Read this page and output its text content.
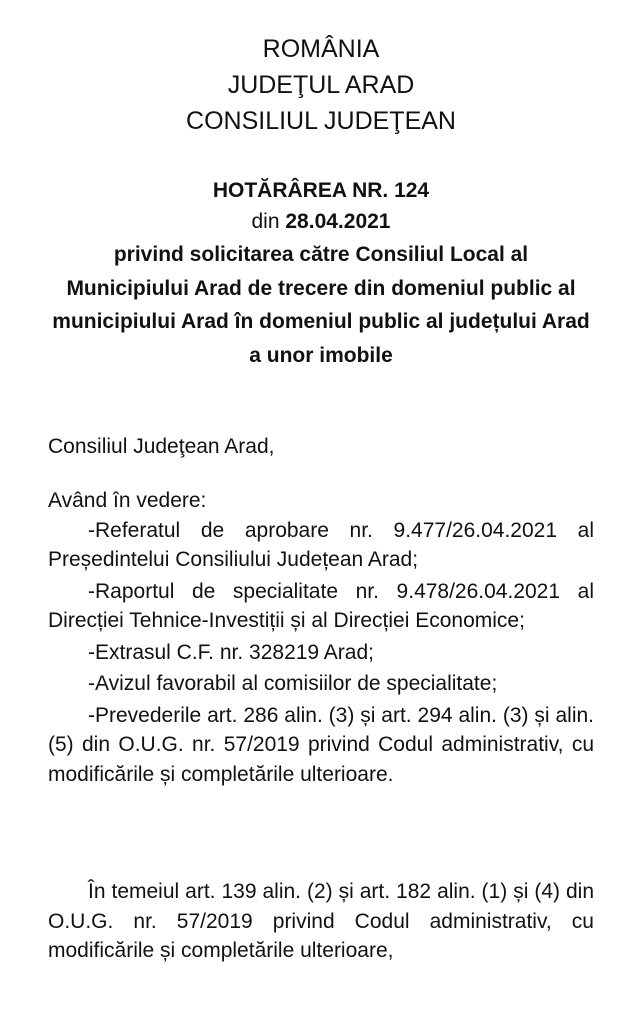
ROMÂNIA
JUDEŢUL ARAD
CONSILIUL JUDEŢEAN
HOTĂRÂREA NR. 124
din 28.04.2021
privind solicitarea către Consiliul Local al Municipiului Arad de trecere din domeniul public al municipiului Arad în domeniul public al județului Arad a unor imobile
Consiliul Judeţean Arad,
Având în vedere:
-Referatul de aprobare nr. 9.477/26.04.2021 al Președintelui Consiliului Județean Arad;
-Raportul de specialitate nr. 9.478/26.04.2021 al Direcției Tehnice-Investiții și al Direcției Economice;
-Extrasul C.F. nr. 328219 Arad;
-Avizul favorabil al comisiilor de specialitate;
-Prevederile art. 286 alin. (3) și art. 294 alin. (3) și alin. (5) din O.U.G. nr. 57/2019 privind Codul administrativ, cu modificările și completările ulterioare.
În temeiul art. 139 alin. (2) și art. 182 alin. (1) și (4) din O.U.G. nr. 57/2019 privind Codul administrativ, cu modificările și completările ulterioare,
